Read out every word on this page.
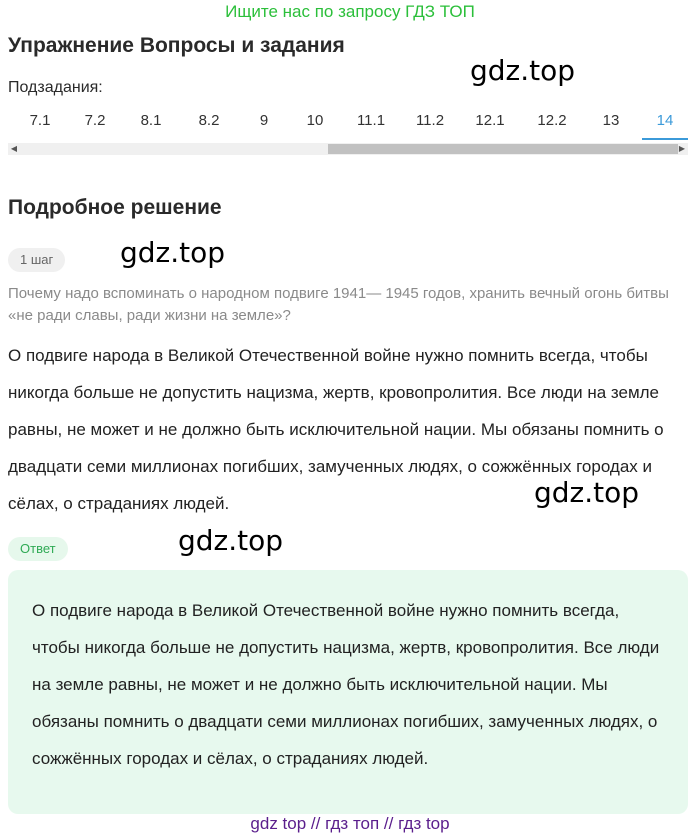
Ищите нас по запросу ГДЗ ТОП
Упражнение Вопросы и задания
gdz.top
Подзадания:
7.1	7.2	8.1	8.2	9	10	11.1	11.2	12.1	12.2	13	14
◀	▶
Подробное решение
1 шаг	gdz.top

Почему надо вспоминать о народном подвиге 1941— 1945 годов, хранить вечный огонь битвы «не ради славы, ради жизни на земле»?

О подвиге народа в Великой Отечественной войне нужно помнить всегда, чтобы никогда больше не допустить нацизма, жертв, кровопролития. Все люди на земле равны, не может и не должно быть исключительной нации. Мы обязаны помнить о двадцати семи миллионах погибших, замученных людях, о сожжённых городах и сёлах, о страданиях людей.	gdz.top
Ответ	gdz.top

О подвиге народа в Великой Отечественной войне нужно помнить всегда, чтобы никогда больше не допустить нацизма, жертв, кровопролития. Все люди на земле равны, не может и не должно быть исключительной нации. Мы обязаны помнить о двадцати семи миллионах погибших, замученных людях, о сожжённых городах и сёлах, о страданиях людей.

gdz top // гдз топ // гдз top
